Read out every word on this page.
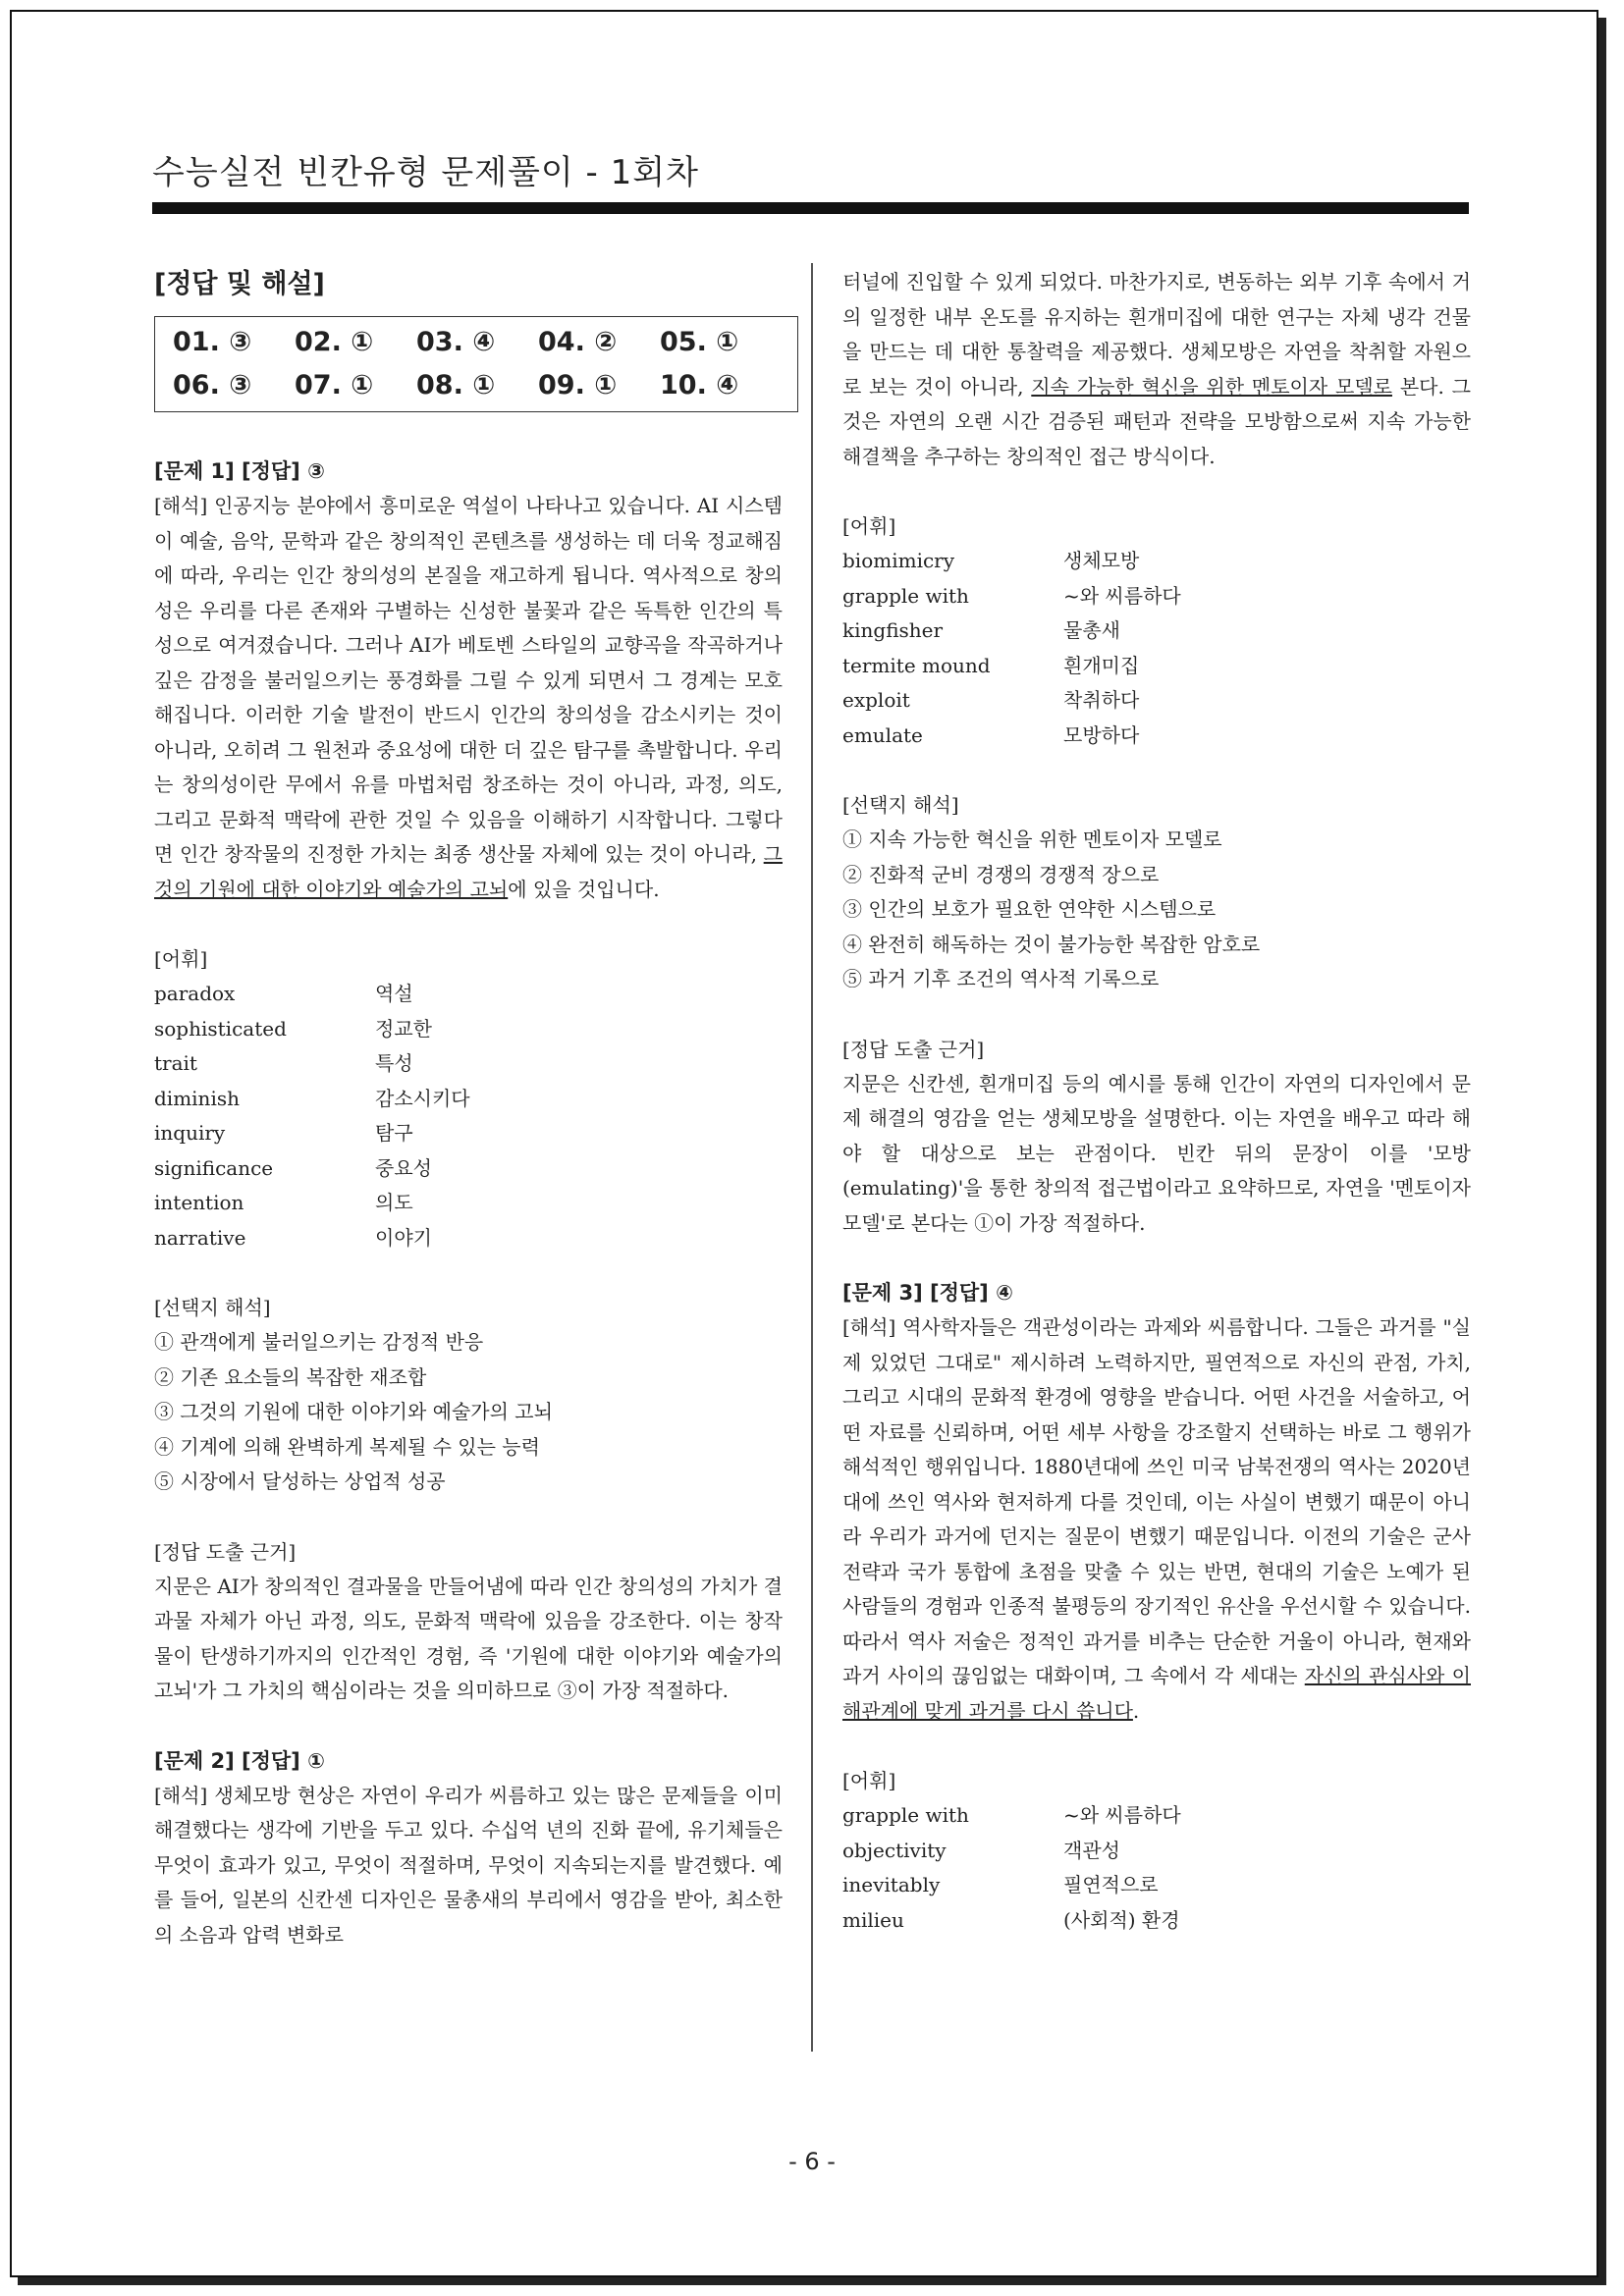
수능실전 빈칸유형 문제풀이 - 1회차
[정답 및 해설]
01. ③	02. ①	03. ④	04. ②	05. ①
06. ③	07. ①	08. ①	09. ①	10. ④
[문제 1] [정답] ③

[해석] 인공지능 분야에서 흥미로운 역설이 나타나고 있습니다. AI 시스템이 예술, 음악, 문학과 같은 창의적인 콘텐츠를 생성하는 데 더욱 정교해짐에 따라, 우리는 인간 창의성의 본질을 재고하게 됩니다. 역사적으로 창의성은 우리를 다른 존재와 구별하는 신성한 불꽃과 같은 독특한 인간의 특성으로 여겨졌습니다. 그러나 AI가 베토벤 스타일의 교향곡을 작곡하거나 깊은 감정을 불러일으키는 풍경화를 그릴 수 있게 되면서 그 경계는 모호해집니다. 이러한 기술 발전이 반드시 인간의 창의성을 감소시키는 것이 아니라, 오히려 그 원천과 중요성에 대한 더 깊은 탐구를 촉발합니다. 우리는 창의성이란 무에서 유를 마법처럼 창조하는 것이 아니라, 과정, 의도, 그리고 문화적 맥락에 관한 것일 수 있음을 이해하기 시작합니다. 그렇다면 인간 창작물의 진정한 가치는 최종 생산물 자체에 있는 것이 아니라, 그것의 기원에 대한 이야기와 예술가의 고뇌에 있을 것입니다.

[어휘]
paradox	역설
sophisticated	정교한
trait	특성
diminish	감소시키다
inquiry	탐구
significance	중요성
intention	의도
narrative	이야기
[선택지 해석]
① 관객에게 불러일으키는 감정적 반응
② 기존 요소들의 복잡한 재조합
③ 그것의 기원에 대한 이야기와 예술가의 고뇌
④ 기계에 의해 완벽하게 복제될 수 있는 능력
⑤ 시장에서 달성하는 상업적 성공
[정답 도출 근거]

지문은 AI가 창의적인 결과물을 만들어냄에 따라 인간 창의성의 가치가 결과물 자체가 아닌 과정, 의도, 문화적 맥락에 있음을 강조한다. 이는 창작물이 탄생하기까지의 인간적인 경험, 즉 '기원에 대한 이야기와 예술가의 고뇌'가 그 가치의 핵심이라는 것을 의미하므로 ③이 가장 적절하다.

[문제 2] [정답] ①

[해석] 생체모방 현상은 자연이 우리가 씨름하고 있는 많은 문제들을 이미 해결했다는 생각에 기반을 두고 있다. 수십억 년의 진화 끝에, 유기체들은 무엇이 효과가 있고, 무엇이 적절하며, 무엇이 지속되는지를 발견했다. 예를 들어, 일본의 신칸센 디자인은 물총새의 부리에서 영감을 받아, 최소한의 소음과 압력 변화로

터널에 진입할 수 있게 되었다. 마찬가지로, 변동하는 외부 기후 속에서 거의 일정한 내부 온도를 유지하는 흰개미집에 대한 연구는 자체 냉각 건물을 만드는 데 대한 통찰력을 제공했다. 생체모방은 자연을 착취할 자원으로 보는 것이 아니라, 지속 가능한 혁신을 위한 멘토이자 모델로 본다. 그것은 자연의 오랜 시간 검증된 패턴과 전략을 모방함으로써 지속 가능한 해결책을 추구하는 창의적인 접근 방식이다.

[어휘]
biomimicry	생체모방
grapple with	~와 씨름하다
kingfisher	물총새
termite mound	흰개미집
exploit	착취하다
emulate	모방하다
[선택지 해석]
① 지속 가능한 혁신을 위한 멘토이자 모델로
② 진화적 군비 경쟁의 경쟁적 장으로
③ 인간의 보호가 필요한 연약한 시스템으로
④ 완전히 해독하는 것이 불가능한 복잡한 암호로
⑤ 과거 기후 조건의 역사적 기록으로
[정답 도출 근거]

지문은 신칸센, 흰개미집 등의 예시를 통해 인간이 자연의 디자인에서 문제 해결의 영감을 얻는 생체모방을 설명한다. 이는 자연을 배우고 따라 해야 할 대상으로 보는 관점이다. 빈칸 뒤의 문장이 이를 '모방(emulating)'을 통한 창의적 접근법이라고 요약하므로, 자연을 '멘토이자 모델'로 본다는 ①이 가장 적절하다.

[문제 3] [정답] ④

[해석] 역사학자들은 객관성이라는 과제와 씨름합니다. 그들은 과거를 "실제 있었던 그대로" 제시하려 노력하지만, 필연적으로 자신의 관점, 가치, 그리고 시대의 문화적 환경에 영향을 받습니다. 어떤 사건을 서술하고, 어떤 자료를 신뢰하며, 어떤 세부 사항을 강조할지 선택하는 바로 그 행위가 해석적인 행위입니다. 1880년대에 쓰인 미국 남북전쟁의 역사는 2020년대에 쓰인 역사와 현저하게 다를 것인데, 이는 사실이 변했기 때문이 아니라 우리가 과거에 던지는 질문이 변했기 때문입니다. 이전의 기술은 군사 전략과 국가 통합에 초점을 맞출 수 있는 반면, 현대의 기술은 노예가 된 사람들의 경험과 인종적 불평등의 장기적인 유산을 우선시할 수 있습니다. 따라서 역사 저술은 정적인 과거를 비추는 단순한 거울이 아니라, 현재와 과거 사이의 끊임없는 대화이며, 그 속에서 각 세대는 자신의 관심사와 이해관계에 맞게 과거를 다시 씁니다.

[어휘]
grapple with	~와 씨름하다
objectivity	객관성
inevitably	필연적으로
milieu	(사회적) 환경
- 6 -
